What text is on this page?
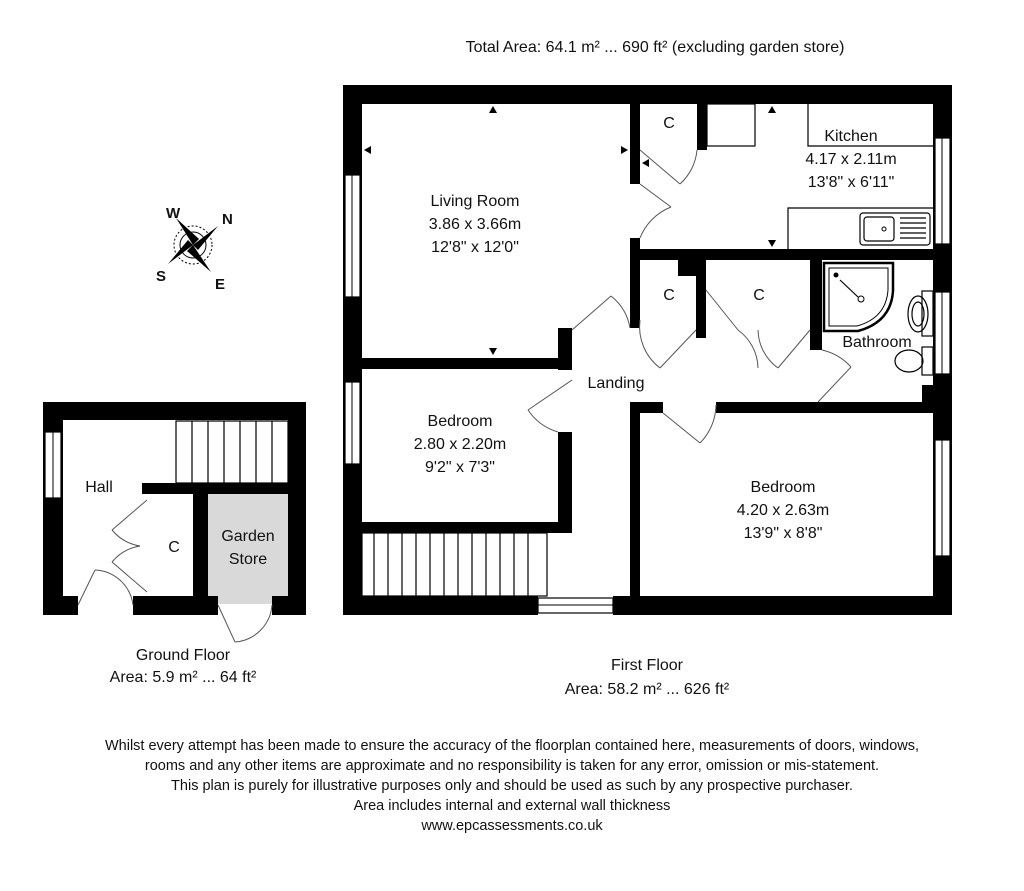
Total Area: 64.1 m² ... 690 ft² (excluding garden store)
W	N
S	E
Hall
C
Garden
Store
Ground Floor
Area: 5.9 m² ... 64 ft²
Living Room
3.86 x 3.66m
12'8" x 12'0"
Kitchen
4.17 x 2.11m
13'8" x 6'11"
C
C	C
Bathroom
Landing
Bedroom
2.80 x 2.20m
9'2" x 7'3"
Bedroom
4.20 x 2.63m
13'9" x 8'8"
First Floor
Area: 58.2 m² ... 626 ft²
Whilst every attempt has been made to ensure the accuracy of the floorplan contained here, measurements of doors, windows,
rooms and any other items are approximate and no responsibility is taken for any error, omission or mis-statement.
This plan is purely for illustrative purposes only and should be used as such by any prospective purchaser.
Area includes internal and external wall thickness
www.epcassessments.co.uk
